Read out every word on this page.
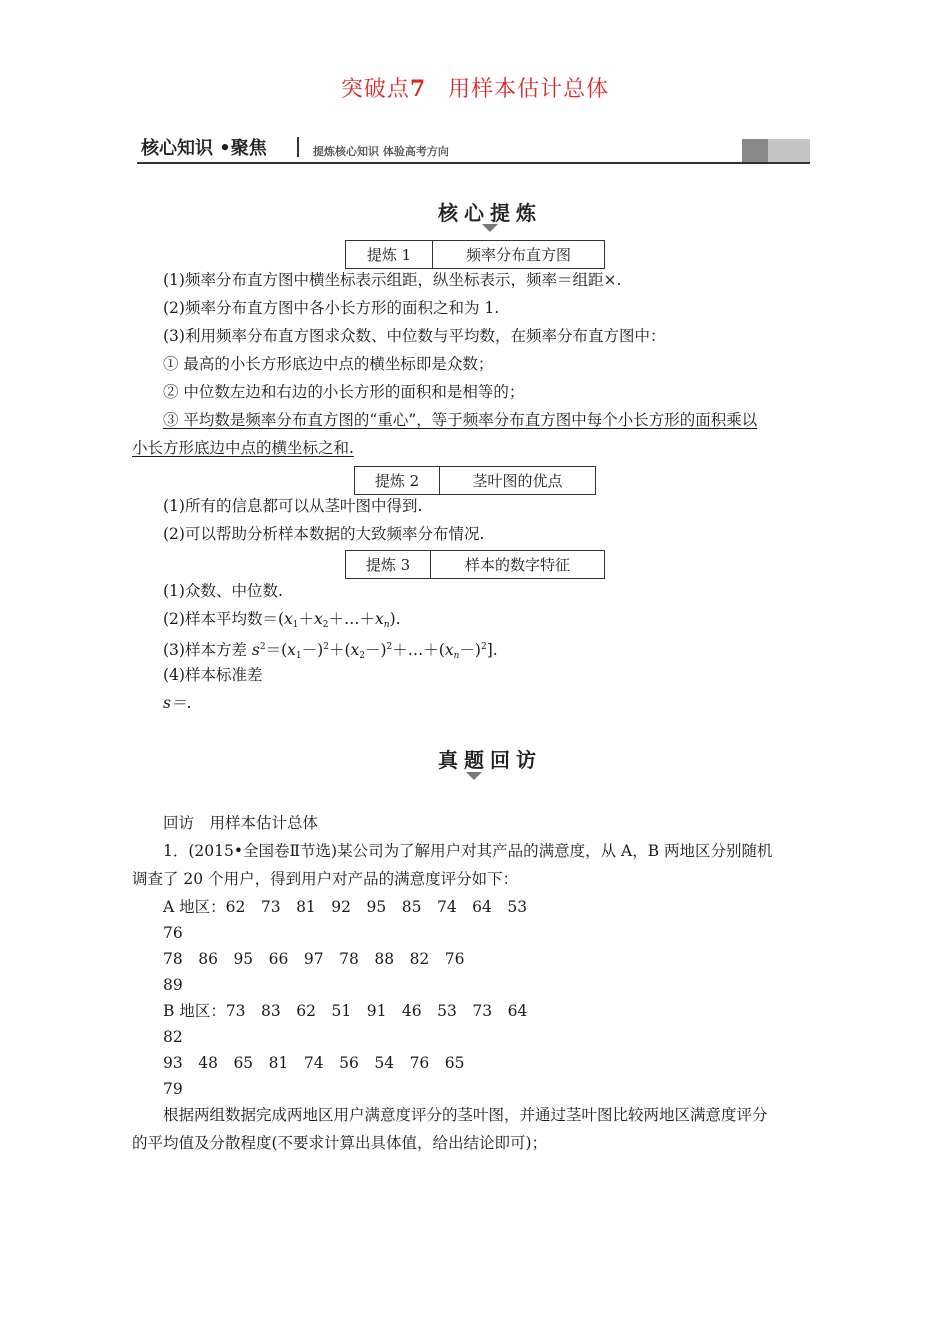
突破点7 用样本估计总体
核心知识 •聚焦	提炼核心知识 体验高考方向
核心提炼
提炼 1	频率分布直方图
(1)频率分布直方图中横坐标表示组距，纵坐标表示，频率＝组距×.
(2)频率分布直方图中各小长方形的面积之和为 1.
(3)利用频率分布直方图求众数、中位数与平均数，在频率分布直方图中：
① 最高的小长方形底边中点的横坐标即是众数；
② 中位数左边和右边的小长方形的面积和是相等的；
③ 平均数是频率分布直方图的“重心”，等于频率分布直方图中每个小长方形的面积乘以
小长方形底边中点的横坐标之和.
提炼 2	茎叶图的优点
(1)所有的信息都可以从茎叶图中得到.
(2)可以帮助分析样本数据的大致频率分布情况.
提炼 3	样本的数字特征
(1)众数、中位数.
(2)样本平均数$=(x_1+x_2+\dots+x_n)$.
(3)样本方差 $s^2=(x_1-)^2+(x_2-)^2+\dots+(x_n-)^2$].
(4)样本标准差
s＝.
真题回访
回访　用样本估计总体
1．(2015•全国卷Ⅱ节选)某公司为了解用户对其产品的满意度，从 A，B 两地区分别随机
调查了 20 个用户，得到用户对产品的满意度评分如下：
A 地区：62　73　81　92　95　85　74　64　53
76
78　86　95　66　97　78　88　82　76
89
B 地区：73　83　62　51　91　46　53　73　64
82
93　48　65　81　74　56　54　76　65
79
根据两组数据完成两地区用户满意度评分的茎叶图，并通过茎叶图比较两地区满意度评分
的平均值及分散程度(不要求计算出具体值，给出结论即可)；
